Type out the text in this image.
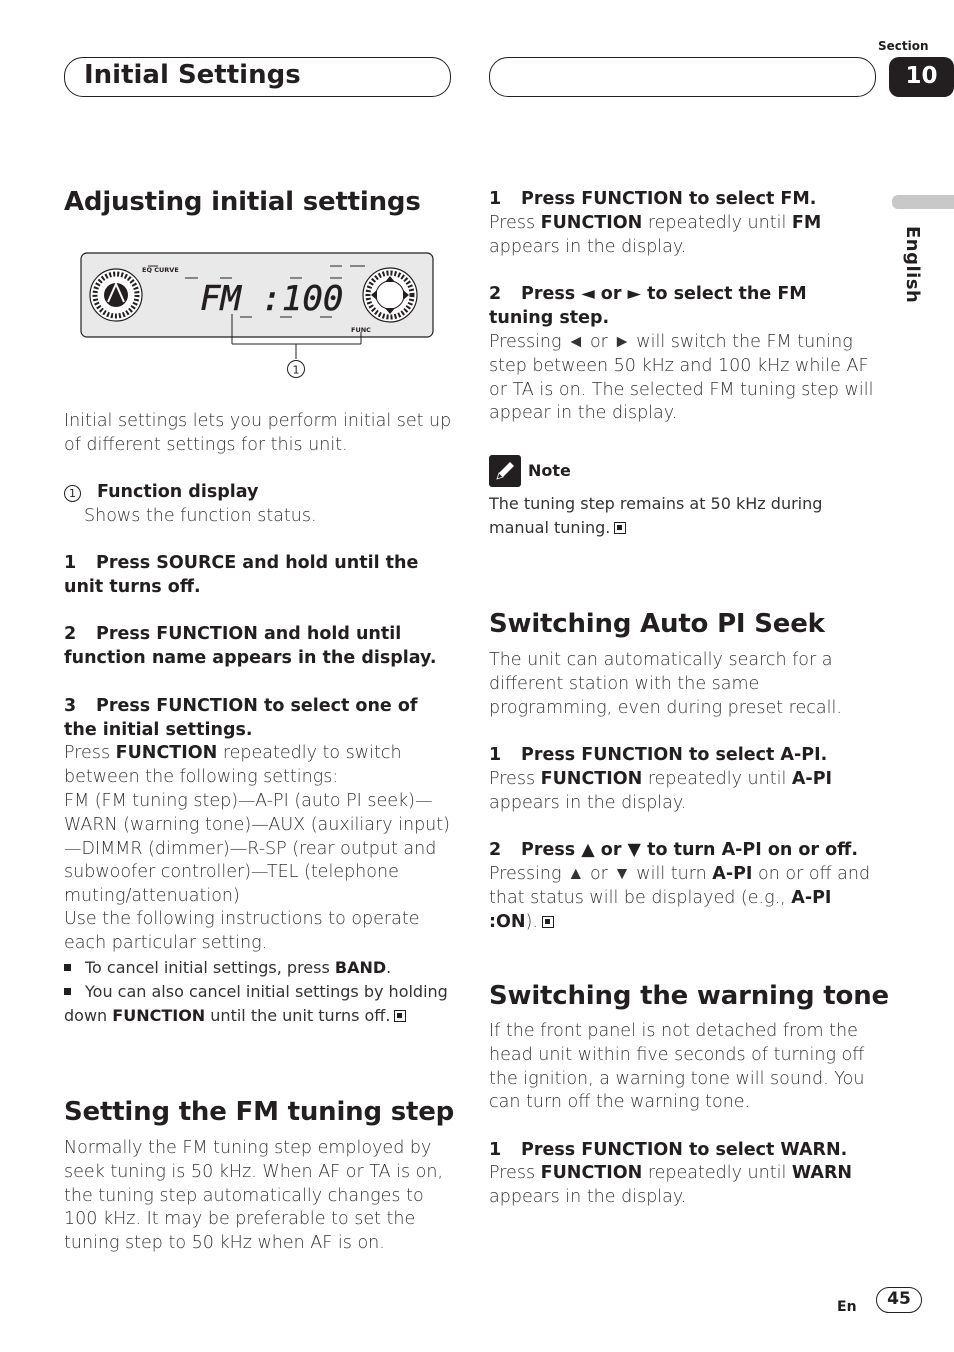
Initial Settings
Section
10
English
Adjusting initial settings
EQ CURVE
FUNC
FM :100
1
Initial settings lets you perform initial set up of different settings for this unit.
1 Function display
Shows the function status.
1 Press SOURCE and hold until the unit turns off.
2 Press FUNCTION and hold until function name appears in the display.
3 Press FUNCTION to select one of the initial settings.
Press FUNCTION repeatedly to switch between the following settings:
FM (FM tuning step)—A-PI (auto PI seek)—WARN (warning tone)—AUX (auxiliary input)—DIMMR (dimmer)—R-SP (rear output and subwoofer controller)—TEL (telephone muting/attenuation)
Use the following instructions to operate each particular setting.
To cancel initial settings, press BAND.
You can also cancel initial settings by holding down FUNCTION until the unit turns off.
Setting the FM tuning step
Normally the FM tuning step employed by seek tuning is 50 kHz. When AF or TA is on, the tuning step automatically changes to 100 kHz. It may be preferable to set the tuning step to 50 kHz when AF is on.
1 Press FUNCTION to select FM.
Press FUNCTION repeatedly until FM appears in the display.
2 Press ◄ or ► to select the FM tuning step.
Pressing ◄ or ► will switch the FM tuning step between 50 kHz and 100 kHz while AF or TA is on. The selected FM tuning step will appear in the display.
Note
The tuning step remains at 50 kHz during manual tuning.
Switching Auto PI Seek
The unit can automatically search for a different station with the same programming, even during preset recall.
1 Press FUNCTION to select A-PI.
Press FUNCTION repeatedly until A-PI appears in the display.
2 Press ▲ or ▼ to turn A-PI on or off.
Pressing ▲ or ▼ will turn A-PI on or off and that status will be displayed (e.g., A-PI :ON).
Switching the warning tone
If the front panel is not detached from the head unit within five seconds of turning off the ignition, a warning tone will sound. You can turn off the warning tone.
1 Press FUNCTION to select WARN.
Press FUNCTION repeatedly until WARN appears in the display.
En	45
